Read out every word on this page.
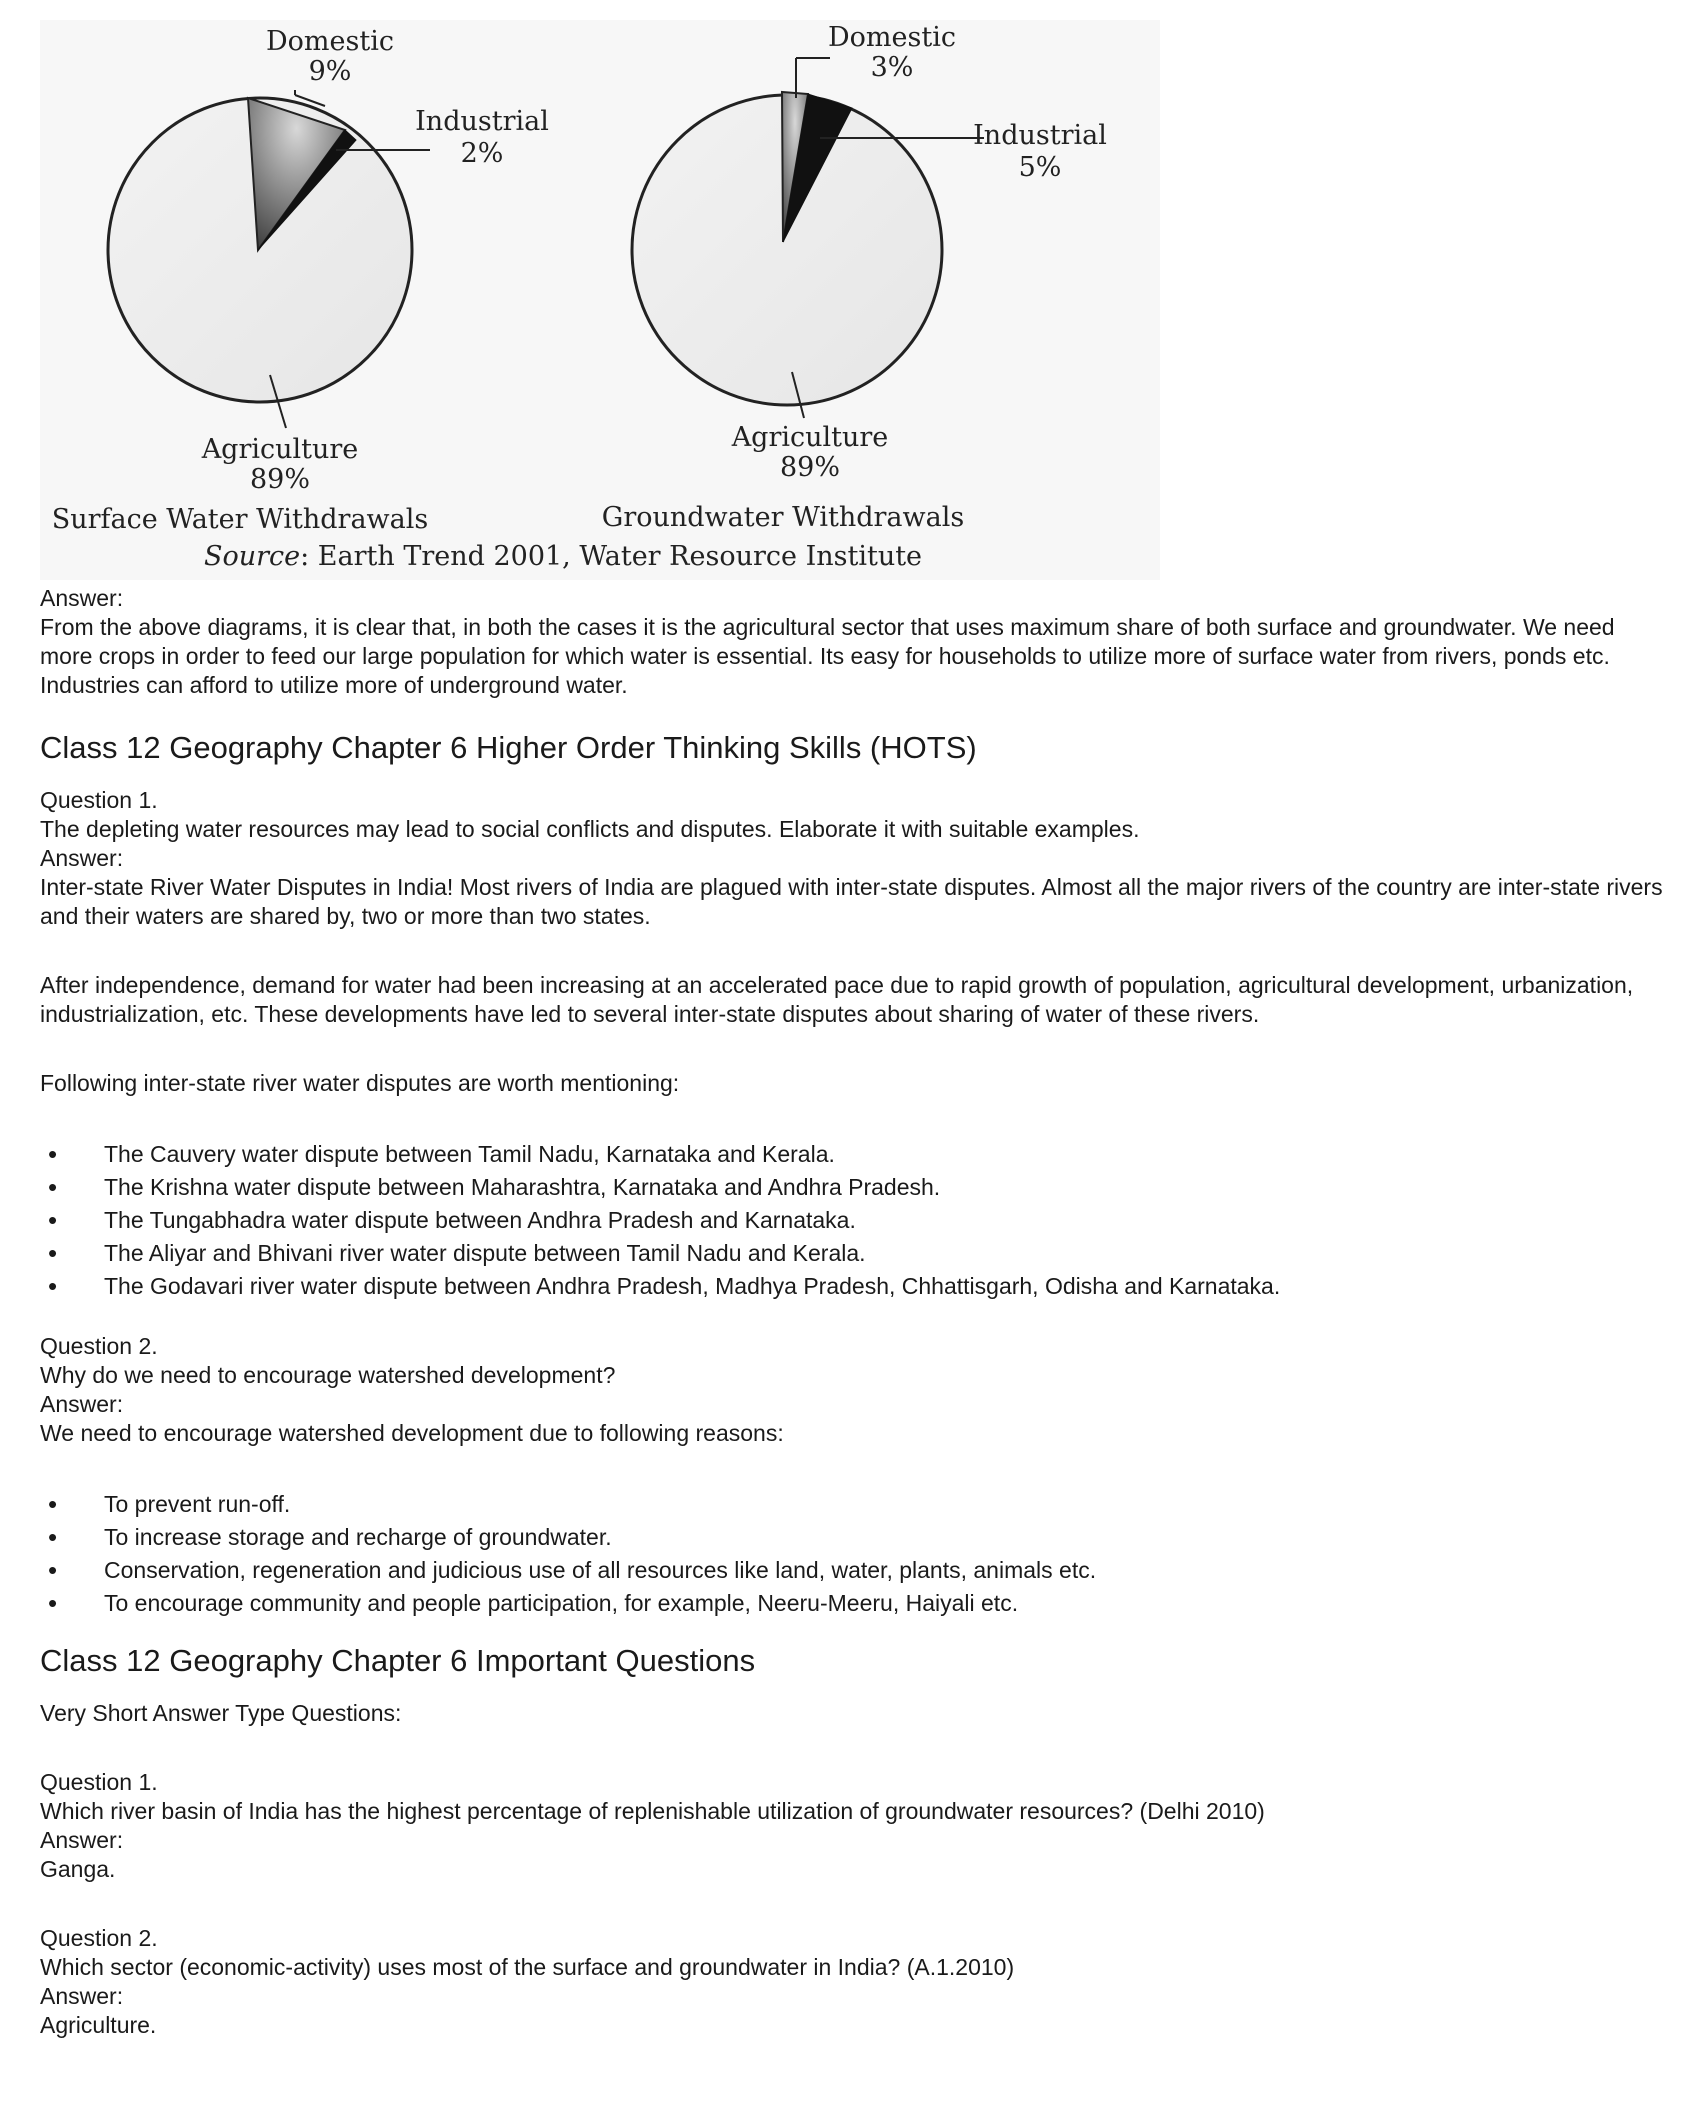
Domestic
9%
Industrial
2%
Agriculture
89%
Surface Water Withdrawals
Domestic
3%
Industrial
5%
Agriculture
89%
Groundwater Withdrawals
Source: Earth Trend 2001, Water Resource Institute

Answer:

From the above diagrams, it is clear that, in both the cases it is the agricultural sector that uses maximum share of both surface and groundwater. We need more crops in order to feed our large population for which water is essential. Its easy for households to utilize more of surface water from rivers, ponds etc. Industries can afford to utilize more of underground water.

Class 12 Geography Chapter 6 Higher Order Thinking Skills (HOTS)

Question 1.

The depleting water resources may lead to social conflicts and disputes. Elaborate it with suitable examples.

Answer:

Inter-state River Water Disputes in India! Most rivers of India are plagued with inter-state disputes. Almost all the major rivers of the country are inter-state rivers and their waters are shared by, two or more than two states.

After independence, demand for water had been increasing at an accelerated pace due to rapid growth of population, agricultural development, urbanization, industrialization, etc. These developments have led to several inter-state disputes about sharing of water of these rivers.

Following inter-state river water disputes are worth mentioning:

• The Cauvery water dispute between Tamil Nadu, Karnataka and Kerala.
• The Krishna water dispute between Maharashtra, Karnataka and Andhra Pradesh.
• The Tungabhadra water dispute between Andhra Pradesh and Karnataka.
• The Aliyar and Bhivani river water dispute between Tamil Nadu and Kerala.
• The Godavari river water dispute between Andhra Pradesh, Madhya Pradesh, Chhattisgarh, Odisha and Karnataka.

Question 2.

Why do we need to encourage watershed development?

Answer:

We need to encourage watershed development due to following reasons:

• To prevent run-off.
• To increase storage and recharge of groundwater.
• Conservation, regeneration and judicious use of all resources like land, water, plants, animals etc.
• To encourage community and people participation, for example, Neeru-Meeru, Haiyali etc.
Class 12 Geography Chapter 6 Important Questions

Very Short Answer Type Questions:

Question 1.

Which river basin of India has the highest percentage of replenishable utilization of groundwater resources? (Delhi 2010)

Answer:

Ganga.

Question 2.

Which sector (economic-activity) uses most of the surface and groundwater in India? (A.1.2010)

Answer:

Agriculture.
